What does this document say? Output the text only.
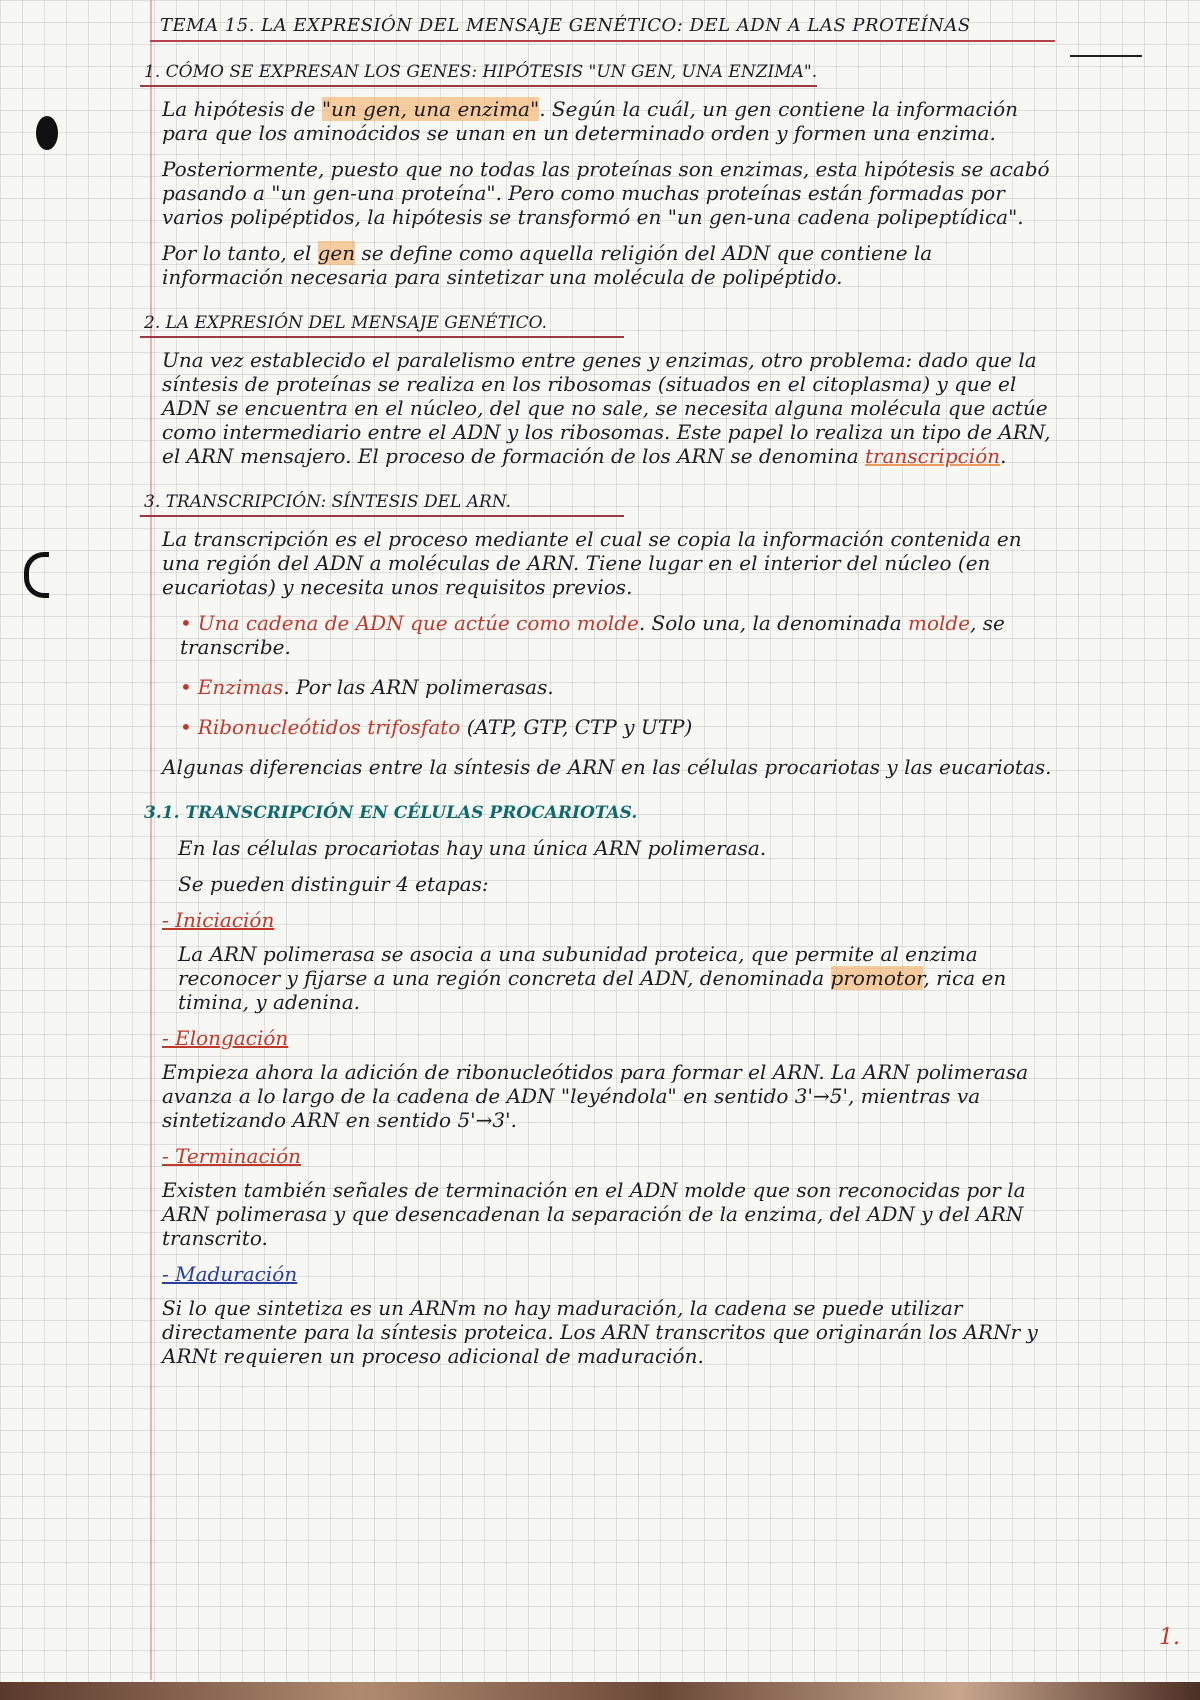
TEMA 15. LA EXPRESIÓN DEL MENSAJE GENÉTICO: DEL ADN A LAS PROTEÍNAS
1. CÓMO SE EXPRESAN LOS GENES: HIPÓTESIS "UN GEN, UNA ENZIMA".

La hipótesis de "un gen, una enzima". Según la cuál, un gen contiene la información para que los aminoácidos se unan en un determinado orden y formen una enzima.

Posteriormente, puesto que no todas las proteínas son enzimas, esta hipótesis se acabó pasando a "un gen-una proteína". Pero como muchas proteínas están formadas por varios polipéptidos, la hipótesis se transformó en "un gen-una cadena polipeptídica".

Por lo tanto, el gen se define como aquella religión del ADN que contiene la información necesaria para sintetizar una molécula de polipéptido.

2. LA EXPRESIÓN DEL MENSAJE GENÉTICO.

Una vez establecido el paralelismo entre genes y enzimas, otro problema: dado que la síntesis de proteínas se realiza en los ribosomas (situados en el citoplasma) y que el ADN se encuentra en el núcleo, del que no sale, se necesita alguna molécula que actúe como intermediario entre el ADN y los ribosomas. Este papel lo realiza un tipo de ARN, el ARN mensajero. El proceso de formación de los ARN se denomina transcripción.

3. TRANSCRIPCIÓN: SÍNTESIS DEL ARN.

La transcripción es el proceso mediante el cual se copia la información contenida en una región del ADN a moléculas de ARN. Tiene lugar en el interior del núcleo (en eucariotas) y necesita unos requisitos previos.

• Una cadena de ADN que actúe como molde. Solo una, la denominada molde, se transcribe.
• Enzimas. Por las ARN polimerasas.
• Ribonucleótidos trifosfato (ATP, GTP, CTP y UTP)

Algunas diferencias entre la síntesis de ARN en las células procariotas y las eucariotas.

3.1. TRANSCRIPCIÓN EN CÉLULAS PROCARIOTAS.

En las células procariotas hay una única ARN polimerasa.

Se pueden distinguir 4 etapas:

- Iniciación

La ARN polimerasa se asocia a una subunidad proteica, que permite al enzima reconocer y fijarse a una región concreta del ADN, denominada promotor, rica en timina, y adenina.

- Elongación

Empieza ahora la adición de ribonucleótidos para formar el ARN. La ARN polimerasa avanza a lo largo de la cadena de ADN "leyéndola" en sentido 3'→5', mientras va sintetizando ARN en sentido 5'→3'.

- Terminación

Existen también señales de terminación en el ADN molde que son reconocidas por la ARN polimerasa y que desencadenan la separación de la enzima, del ADN y del ARN transcrito.

- Maduración

Si lo que sintetiza es un ARNm no hay maduración, la cadena se puede utilizar directamente para la síntesis proteica. Los ARN transcritos que originarán los ARNr y ARNt requieren un proceso adicional de maduración.

1.
